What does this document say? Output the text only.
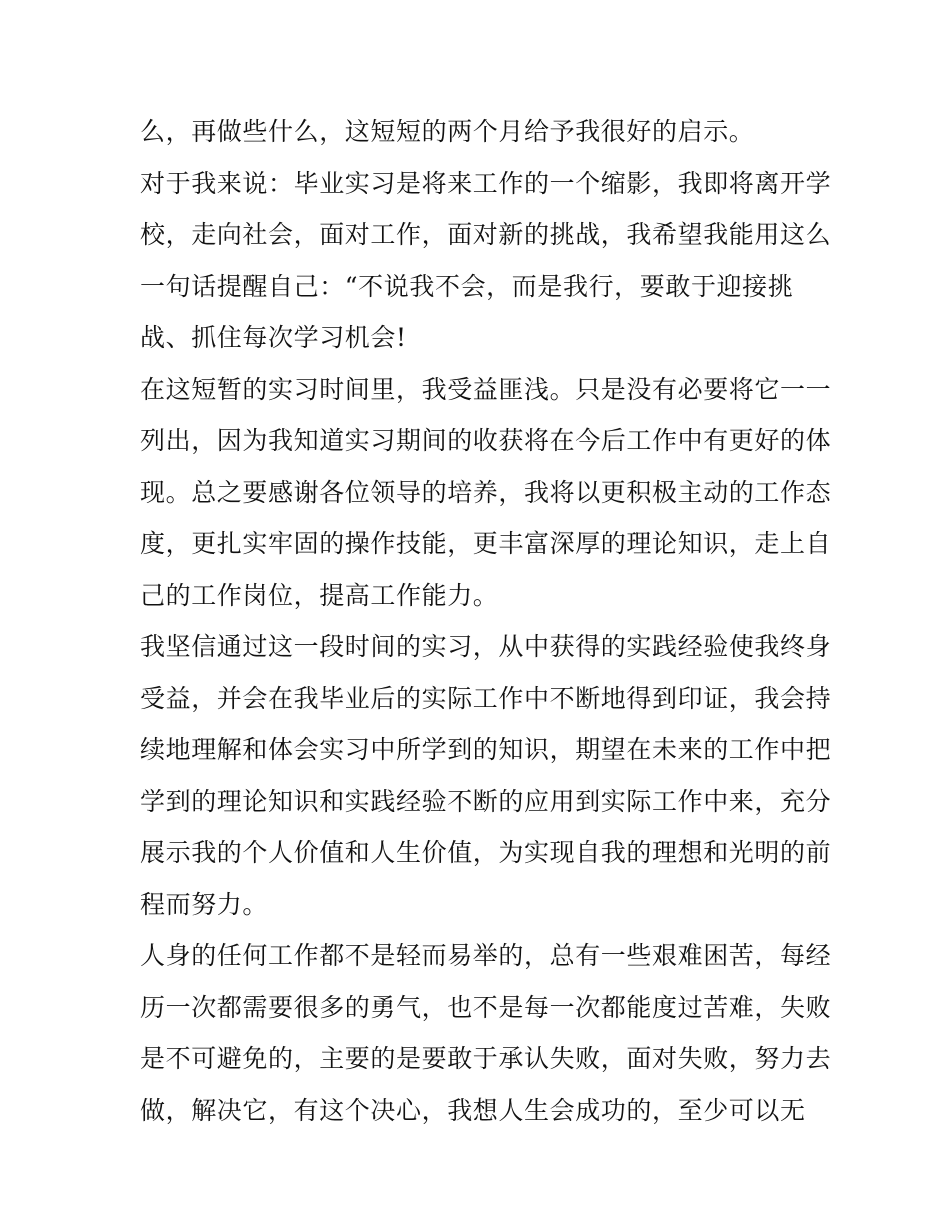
么，再做些什么，这短短的两个月给予我很好的启示。
对于我来说：毕业实习是将来工作的一个缩影，我即将离开学
校，走向社会，面对工作，面对新的挑战，我希望我能用这么
一句话提醒自己：“不说我不会，而是我行，要敢于迎接挑
战、抓住每次学习机会!
在这短暂的实习时间里，我受益匪浅。只是没有必要将它一一
列出，因为我知道实习期间的收获将在今后工作中有更好的体
现。总之要感谢各位领导的培养，我将以更积极主动的工作态
度，更扎实牢固的操作技能，更丰富深厚的理论知识，走上自
己的工作岗位，提高工作能力。
我坚信通过这一段时间的实习，从中获得的实践经验使我终身
受益，并会在我毕业后的实际工作中不断地得到印证，我会持
续地理解和体会实习中所学到的知识，期望在未来的工作中把
学到的理论知识和实践经验不断的应用到实际工作中来，充分
展示我的个人价值和人生价值，为实现自我的理想和光明的前
程而努力。
人身的任何工作都不是轻而易举的，总有一些艰难困苦，每经
历一次都需要很多的勇气，也不是每一次都能度过苦难，失败
是不可避免的，主要的是要敢于承认失败，面对失败，努力去
做，解决它，有这个决心，我想人生会成功的，至少可以无
